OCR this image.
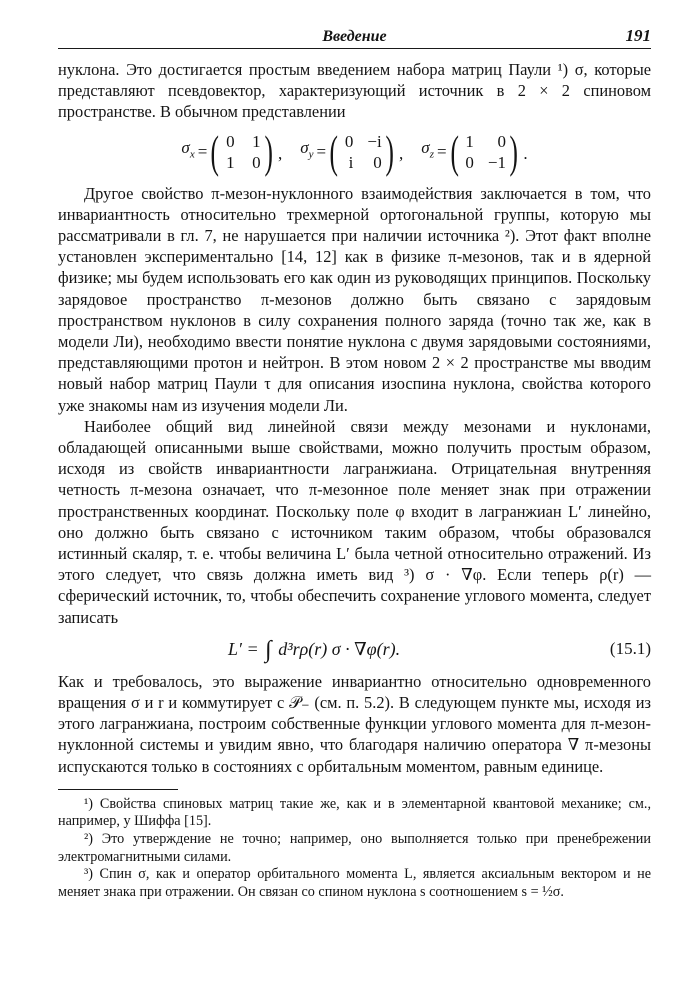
Введение	191

нуклона. Это достигается простым введением набора матриц Паули ¹) σ, которые представляют псевдовектор, характеризующий источник в 2 × 2 спиновом пространстве. В обычном представлении

$\sigma_x$ = ( 0 1
1 0 ) , $\sigma_y$ = ( 0 −i
i	0 ) , $\sigma_z$ = ( 1	0
0 −1 ) .

Другое свойство π-мезон-нуклонного взаимодействия заключается в том, что инвариантность относительно трехмерной ортогональной группы, которую мы рассматривали в гл. 7, не нарушается при наличии источника ²). Этот факт вполне установлен экспериментально [14, 12] как в физике π-мезонов, так и в ядерной физике; мы будем использовать его как один из руководящих принципов. Поскольку зарядовое пространство π-мезонов должно быть связано с зарядовым пространством нуклонов в силу сохранения полного заряда (точно так же, как в модели Ли), необходимо ввести понятие нуклона с двумя зарядовыми состояниями, представляющими протон и нейтрон. В этом новом 2 × 2 пространстве мы вводим новый набор матриц Паули τ для описания изоспина нуклона, свойства которого уже знакомы нам из изучения модели Ли.

Наиболее общий вид линейной связи между мезонами и нуклонами, обладающей описанными выше свойствами, можно получить простым образом, исходя из свойств инвариантности лагранжиана. Отрицательная внутренняя четность π-мезона означает, что π-мезонное поле меняет знак при отражении пространственных координат. Поскольку поле φ входит в лагранжиан L′ линейно, оно должно быть связано с источником таким образом, чтобы образовался истинный скаляр, т. е. чтобы величина L′ была четной относительно отражений. Из этого следует, что связь должна иметь вид ³) σ · ∇φ. Если теперь ρ(r) — сферический источник, то, чтобы обеспечить сохранение углового момента, следует записать

L′ = ∫ d³rρ(r) σ · ∇φ(r).	(15.1)

Как и требовалось, это выражение инвариантно относительно одновременного вращения σ и r и коммутирует с 𝒫₋ (см. п. 5.2). В следующем пункте мы, исходя из этого лагранжиана, построим собственные функции углового момента для π-мезон-нуклонной системы и увидим явно, что благодаря наличию оператора ∇ π-мезоны испускаются только в состояниях с орбитальным моментом, равным единице.

¹) Свойства спиновых матриц такие же, как и в элементарной квантовой механике; см., например, у Шиффа [15].

²) Это утверждение не точно; например, оно выполняется только при пренебрежении электромагнитными силами.

³) Спин σ, как и оператор орбитального момента L, является аксиальным вектором и не меняет знака при отражении. Он связан со спином нуклона s соотношением s = ½σ.
